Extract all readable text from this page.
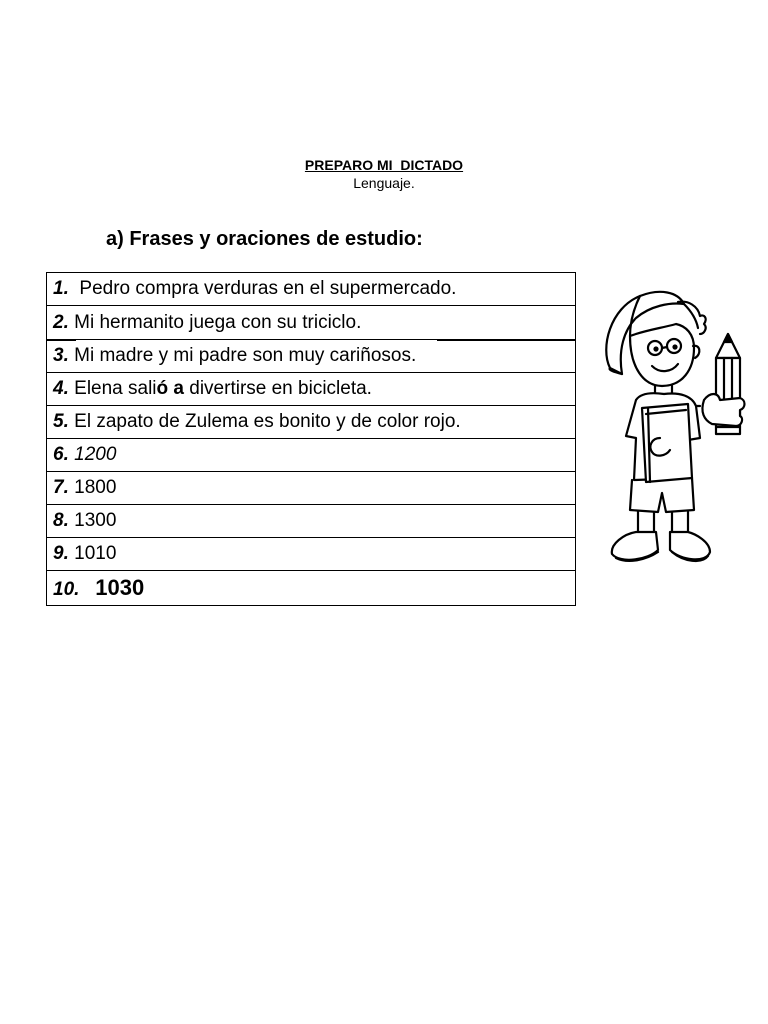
PREPARO MI  DICTADO
Lenguaje.
a) Frases y oraciones de estudio:
1.  Pedro compra verduras en el supermercado.
2. Mi hermanito juega con su triciclo.
3. Mi madre y mi padre son muy cariñosos.
4. Elena salió a divertirse en bicicleta.
5. El zapato de Zulema es bonito y de color rojo.
6. 1200
7. 1800
8. 1300
9. 1010
10. 1030
